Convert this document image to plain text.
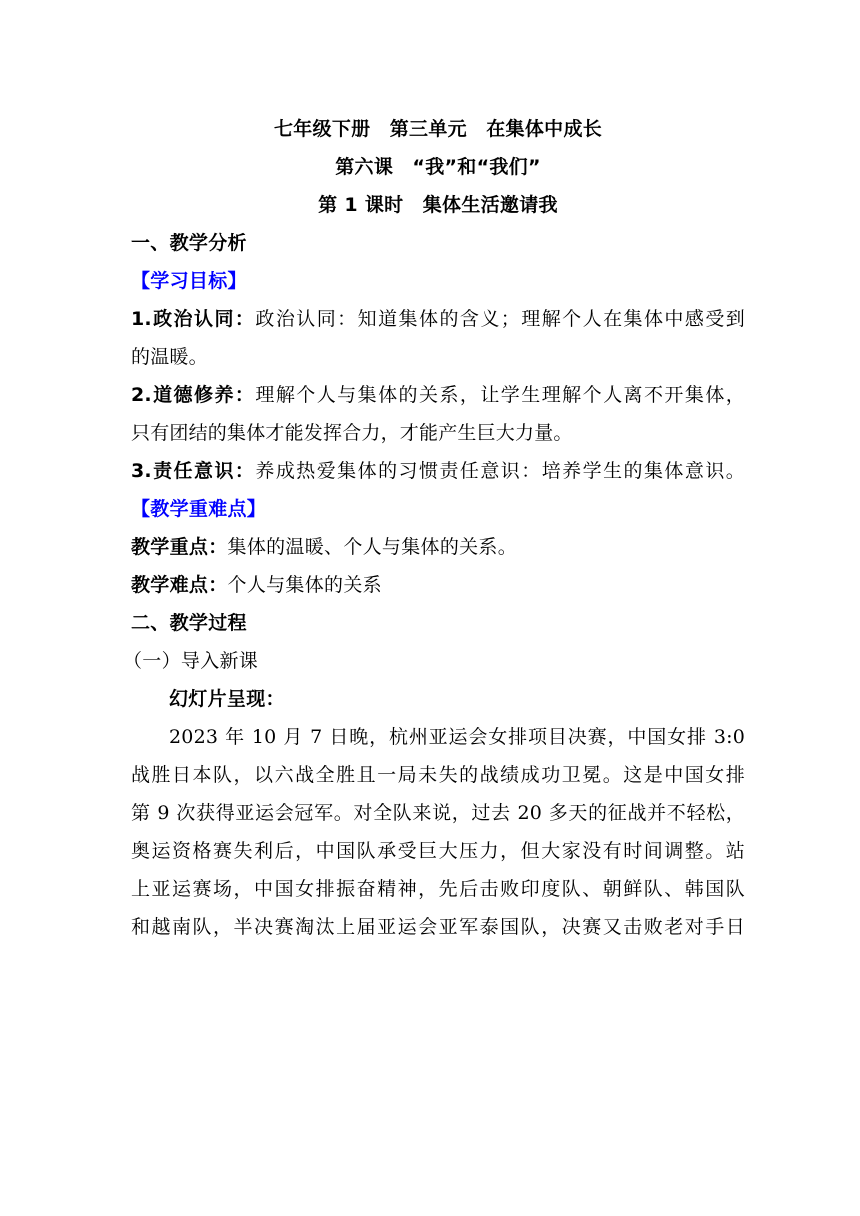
七年级下册　第三单元　在集体中成长
第六课　“我”和“我们”
第 1 课时　集体生活邀请我
一、教学分析
【学习目标】
1.政治认同：政治认同：知道集体的含义；理解个人在集体中感受到
的温暖。
2.道德修养：理解个人与集体的关系，让学生理解个人离不开集体，
只有团结的集体才能发挥合力，才能产生巨大力量。
3.责任意识：养成热爱集体的习惯责任意识：培养学生的集体意识。
【教学重难点】
教学重点：集体的温暖、个人与集体的关系。
教学难点：个人与集体的关系
二、教学过程
（一）导入新课
幻灯片呈现：
2023 年 10 月 7 日晚，杭州亚运会女排项目决赛，中国女排 3:0
战胜日本队，以六战全胜且一局未失的战绩成功卫冕。这是中国女排
第 9 次获得亚运会冠军。对全队来说，过去 20 多天的征战并不轻松，
奥运资格赛失利后，中国队承受巨大压力，但大家没有时间调整。站
上亚运赛场，中国女排振奋精神，先后击败印度队、朝鲜队、韩国队
和越南队，半决赛淘汰上届亚运会亚军泰国队，决赛又击败老对手日
